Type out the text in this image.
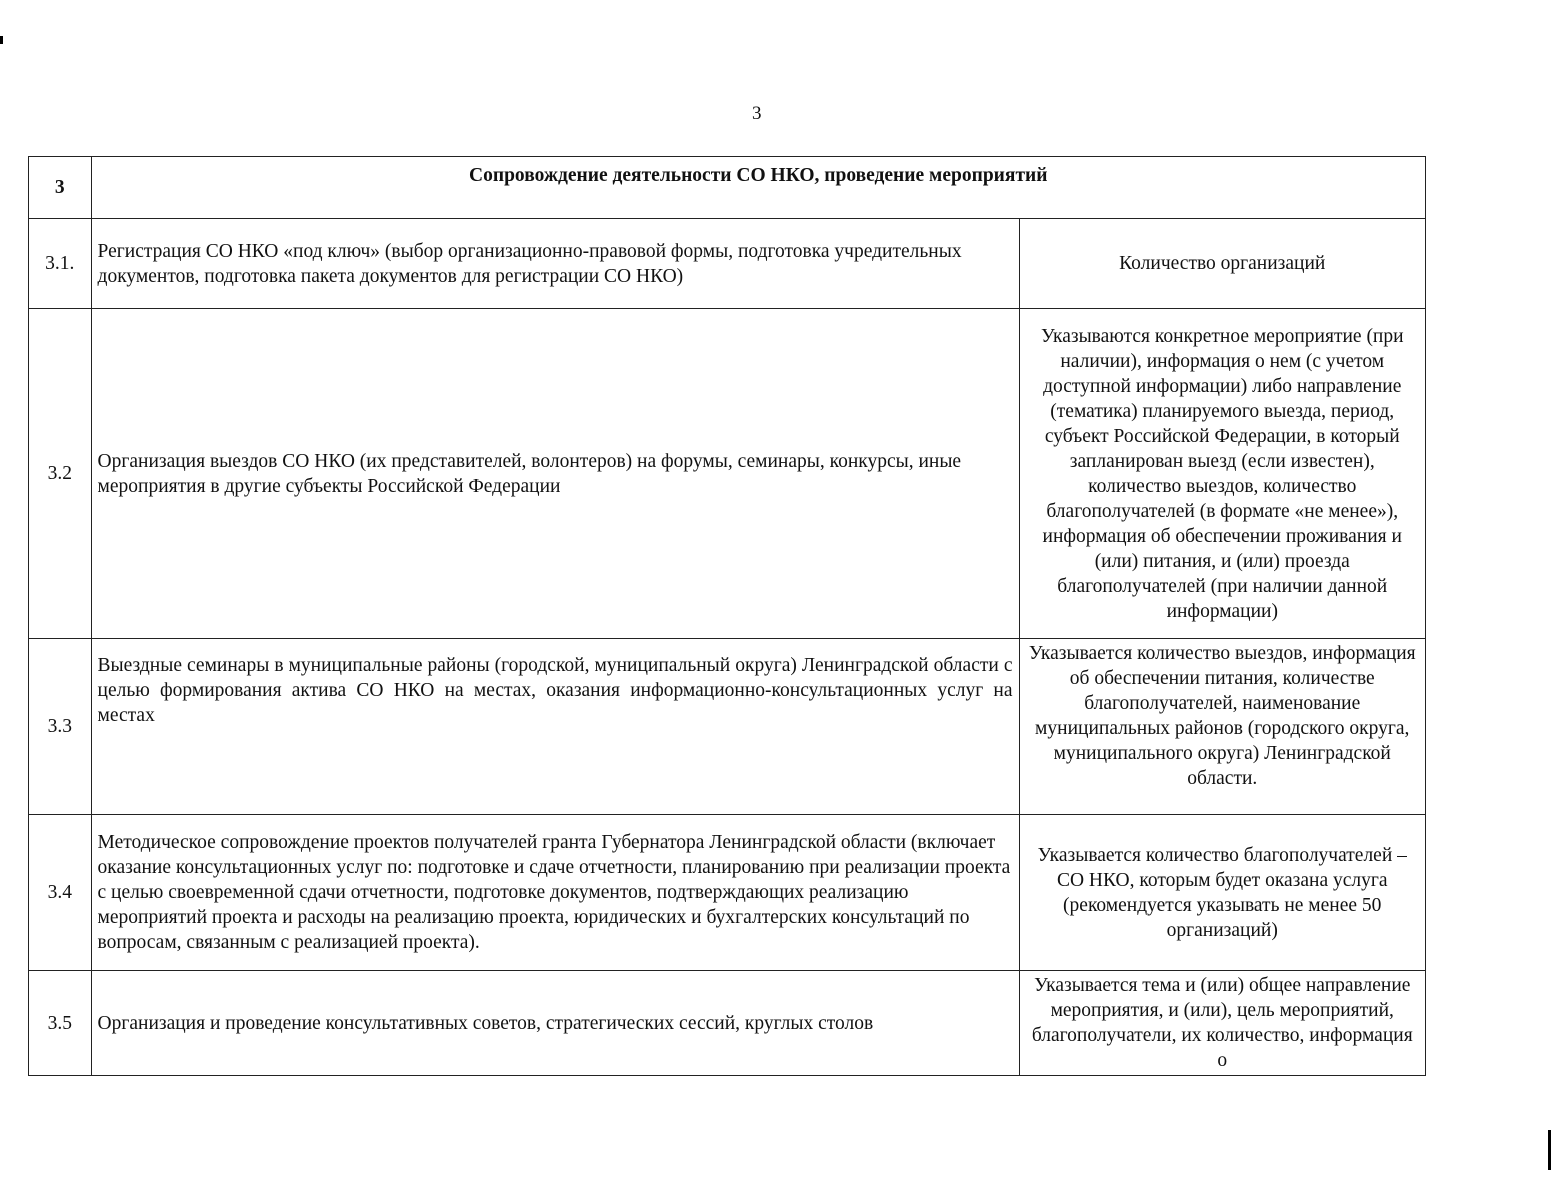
3
3	Сопровождение деятельности СО НКО, проведение мероприятий	
3.1.	Регистрация СО НКО «под ключ» (выбор организационно-правовой формы, подготовка учредительных документов, подготовка пакета документов для регистрации СО НКО)	Количество организаций
3.2	Организация выездов СО НКО (их представителей, волонтеров) на форумы, семинары, конкурсы, иные мероприятия в другие субъекты Российской Федерации	Указываются конкретное мероприятие (при наличии), информация о нем (с учетом доступной информации) либо направление (тематика) планируемого выезда, период, субъект Российской Федерации, в который запланирован выезд (если известен), количество выездов, количество благополучателей (в формате «не менее»), информация об обеспечении проживания и (или) питания, и (или) проезда благополучателей (при наличии данной информации)
3.3	Выездные семинары в муниципальные районы (городской, муниципальный округа) Ленинградской области с целью формирования актива СО НКО на местах, оказания информационно-консультационных услуг на местах	Указывается количество выездов, информация об обеспечении питания, количестве благополучателей, наименование муниципальных районов (городского округа, муниципального округа) Ленинградской области.
3.4	Методическое сопровождение проектов получателей гранта Губернатора Ленинградской области (включает оказание консультационных услуг по: подготовке и сдаче отчетности, планированию при реализации проекта с целью своевременной сдачи отчетности, подготовке документов, подтверждающих реализацию мероприятий проекта и расходы на реализацию проекта, юридических и бухгалтерских консультаций по вопросам, связанным с реализацией проекта).	Указывается количество благополучателей – СО НКО, которым будет оказана услуга (рекомендуется указывать не менее 50 организаций)
3.5	Организация и проведение консультативных советов, стратегических сессий, круглых столов	Указывается тема и (или) общее направление мероприятия, и (или), цель мероприятий, благополучатели, их количество, информация о
